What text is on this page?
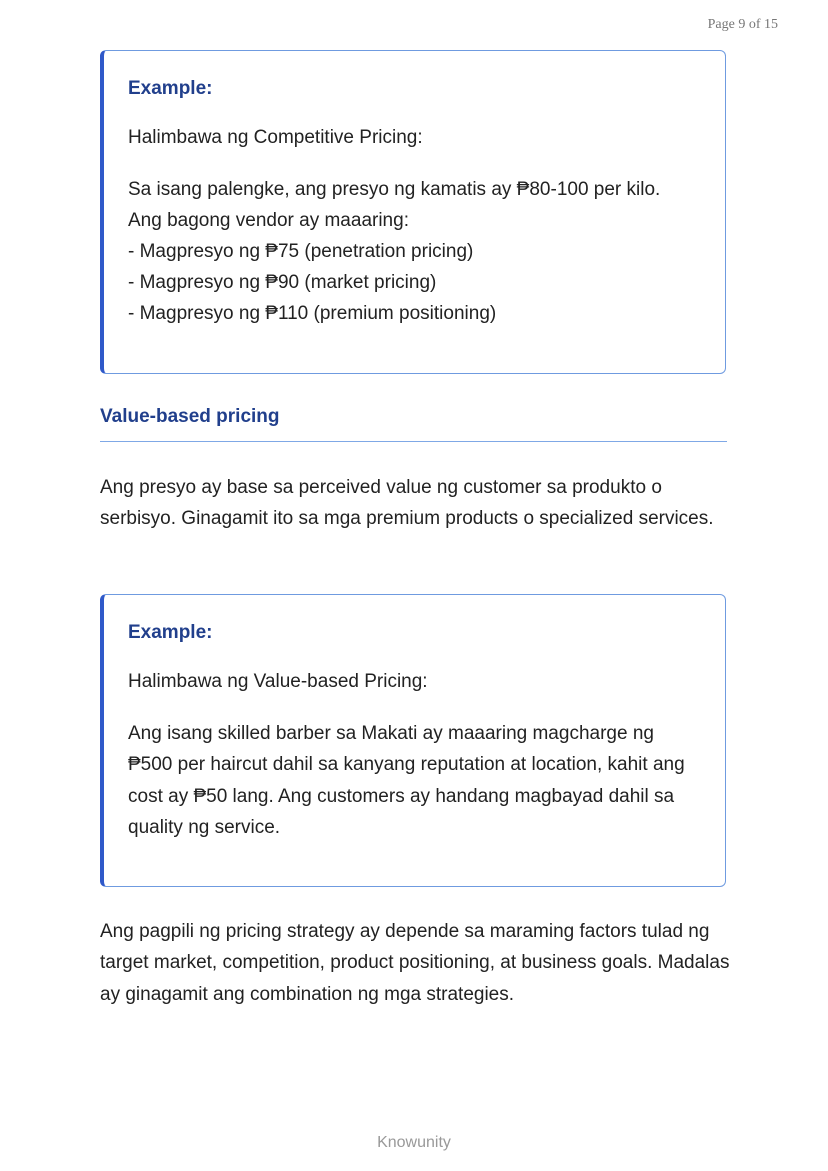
Page 9 of 15
Example:
Halimbawa ng Competitive Pricing:
Sa isang palengke, ang presyo ng kamatis ay ₱80-100 per kilo.
Ang bagong vendor ay maaaring:
- Magpresyo ng ₱75 (penetration pricing)
- Magpresyo ng ₱90 (market pricing)
- Magpresyo ng ₱110 (premium positioning)
Value-based pricing
Ang presyo ay base sa perceived value ng customer sa produkto o serbisyo. Ginagamit ito sa mga premium products o specialized services.
Example:
Halimbawa ng Value-based Pricing:
Ang isang skilled barber sa Makati ay maaaring magcharge ng ₱500 per haircut dahil sa kanyang reputation at location, kahit ang cost ay ₱50 lang. Ang customers ay handang magbayad dahil sa quality ng service.
Ang pagpili ng pricing strategy ay depende sa maraming factors tulad ng target market, competition, product positioning, at business goals. Madalas ay ginagamit ang combination ng mga strategies.
Knowunity
